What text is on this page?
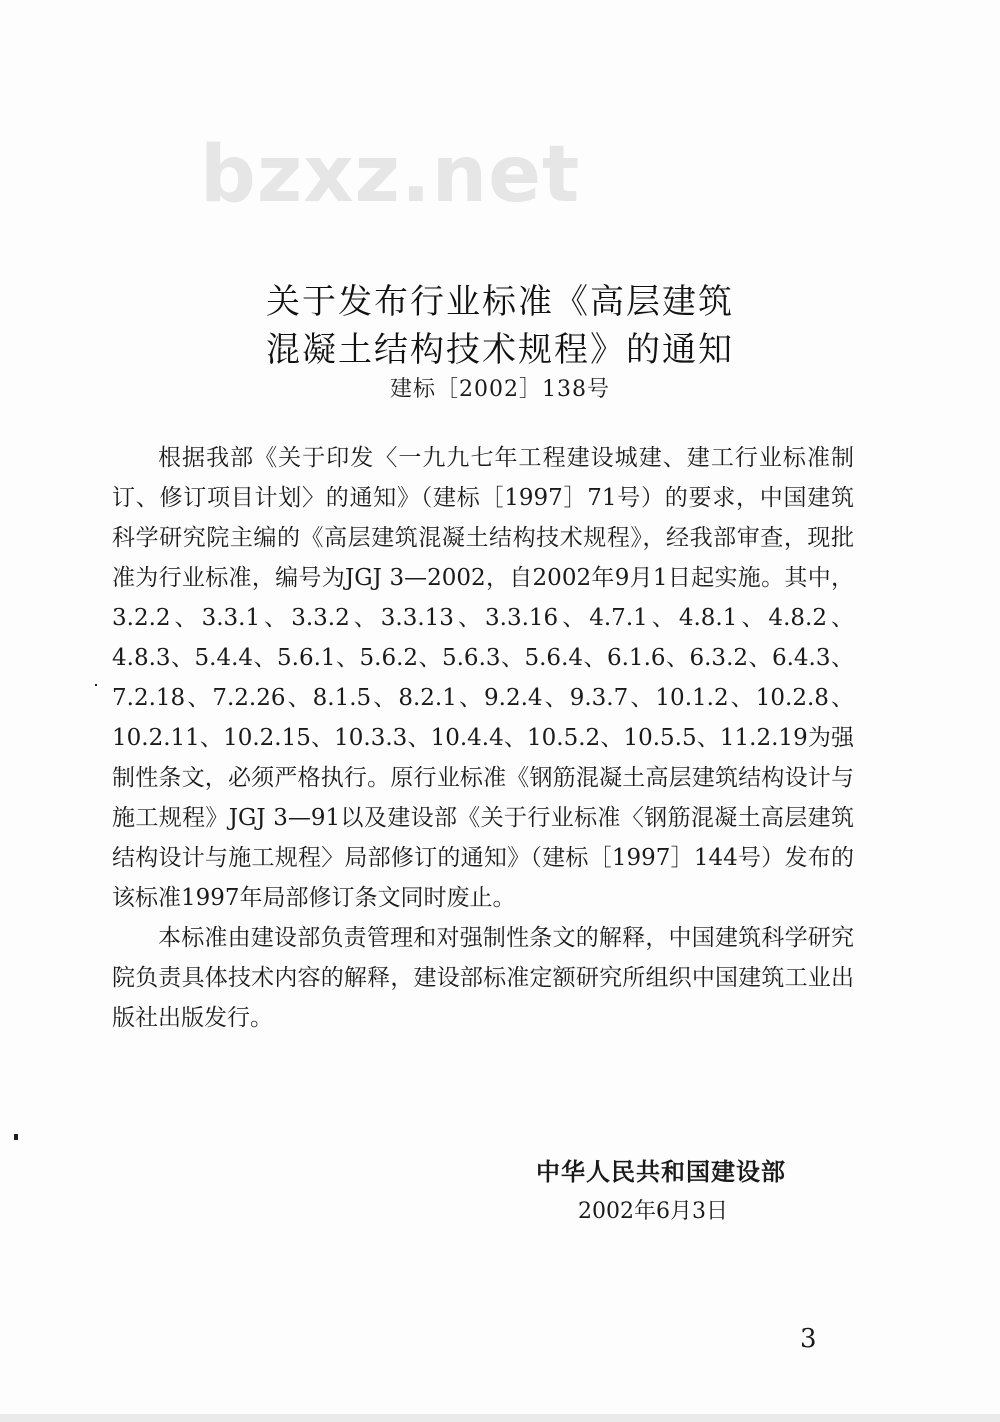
bzxz.net
关于发布行业标准《高层建筑
混凝土结构技术规程》的通知
建标［2002］138号

根据我部《关于印发〈一九九七年工程建设城建、建工行业标准制订、修订项目计划〉的通知》（建标［1997］71号）的要求，中国建筑科学研究院主编的《高层建筑混凝土结构技术规程》，经我部审查，现批准为行业标准，编号为JGJ 3—2002，自2002年9月1日起实施。其中，3.2.2、3.3.1、3.3.2、3.3.13、3.3.16、4.7.1、4.8.1、4.8.2、4.8.3、5.4.4、5.6.1、5.6.2、5.6.3、5.6.4、6.1.6、6.3.2、6.4.3、7.2.18、7.2.26、8.1.5、8.2.1、9.2.4、9.3.7、10.1.2、10.2.8、10.2.11、10.2.15、10.3.3、10.4.4、10.5.2、10.5.5、11.2.19为强制性条文，必须严格执行。原行业标准《钢筋混凝土高层建筑结构设计与施工规程》JGJ 3—91以及建设部《关于行业标准〈钢筋混凝土高层建筑结构设计与施工规程〉局部修订的通知》（建标［1997］144号）发布的该标准1997年局部修订条文同时废止。

本标准由建设部负责管理和对强制性条文的解释，中国建筑科学研究院负责具体技术内容的解释，建设部标准定额研究所组织中国建筑工业出版社出版发行。

中华人民共和国建设部
2002年6月3日
3
